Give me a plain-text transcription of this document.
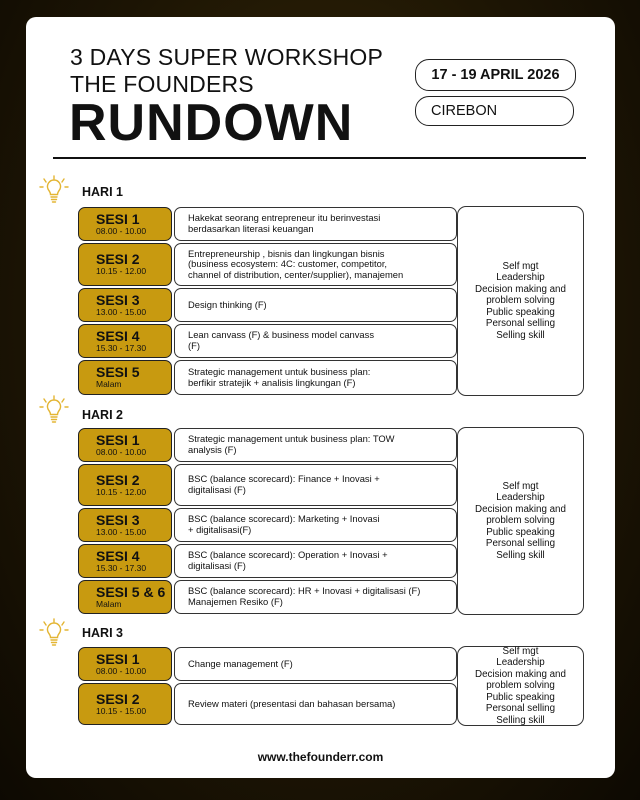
3 DAYS SUPER WORKSHOP
THE FOUNDERS
RUNDOWN
17 - 19 APRIL 2026
CIREBON
HARI 1
SESI 1
08.00 - 10.00
Hakekat seorang entrepreneur itu berinvestasi
berdasarkan literasi keuangan
SESI 2
10.15 - 12.00
Entrepreneurship , bisnis dan lingkungan bisnis
(business ecosystem: 4C: customer, competitor,
channel of distribution, center/supplier), manajemen
SESI 3
13.00 - 15.00
Design thinking (F)
SESI 4
15.30 - 17.30
Lean canvass (F) & business model canvass
(F)
SESI 5
Malam
Strategic management untuk business plan:
berfikir stratejik + analisis lingkungan (F)
Self mgt
Leadership
Decision making and
problem solving
Public speaking
Personal selling
Selling skill
HARI 2
SESI 1
08.00 - 10.00
Strategic management untuk business plan: TOW
analysis (F)
SESI 2
10.15 - 12.00
BSC (balance scorecard): Finance + Inovasi +
digitalisasi (F)
SESI 3
13.00 - 15.00
BSC (balance scorecard): Marketing + Inovasi
+ digitalisasi(F)
SESI 4
15.30 - 17.30
BSC (balance scorecard): Operation + Inovasi +
digitalisasi (F)
SESI 5 & 6
Malam
BSC (balance scorecard): HR + Inovasi + digitalisasi (F)
Manajemen Resiko (F)
Self mgt
Leadership
Decision making and
problem solving
Public speaking
Personal selling
Selling skill
HARI 3
SESI 1
08.00 - 10.00
Change management (F)
SESI 2
10.15 - 15.00
Review materi (presentasi dan bahasan bersama)
Self mgt
Leadership
Decision making and
problem solving
Public speaking
Personal selling
Selling skill
www.thefounderr.com
